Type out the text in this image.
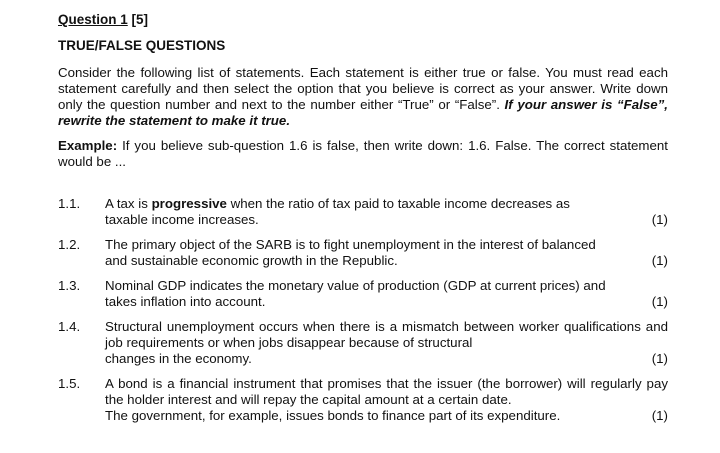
Question 1 [5]
TRUE/FALSE QUESTIONS

Consider the following list of statements. Each statement is either true or false. You must read each statement carefully and then select the option that you believe is correct as your answer. Write down only the question number and next to the number either “True” or “False”. If your answer is “False”, rewrite the statement to make it true.

Example: If you believe sub-question 1.6 is false, then write down: 1.6. False. The correct statement would be ...

1.1. A tax is progressive when the ratio of tax paid to taxable income decreases as
taxable income increases.	(1)
1.2. The primary object of the SARB is to fight unemployment in the interest of balanced
and sustainable economic growth in the Republic.	(1)
1.3. Nominal GDP indicates the monetary value of production (GDP at current prices) and
takes inflation into account.	(1)
1.4. Structural unemployment occurs when there is a mismatch between worker qualifications and job requirements or when jobs disappear because of structural
changes in the economy.	(1)
1.5. A bond is a financial instrument that promises that the issuer (the borrower) will regularly pay the holder interest and will repay the capital amount at a certain date.
The government, for example, issues bonds to finance part of its expenditure.	(1)
